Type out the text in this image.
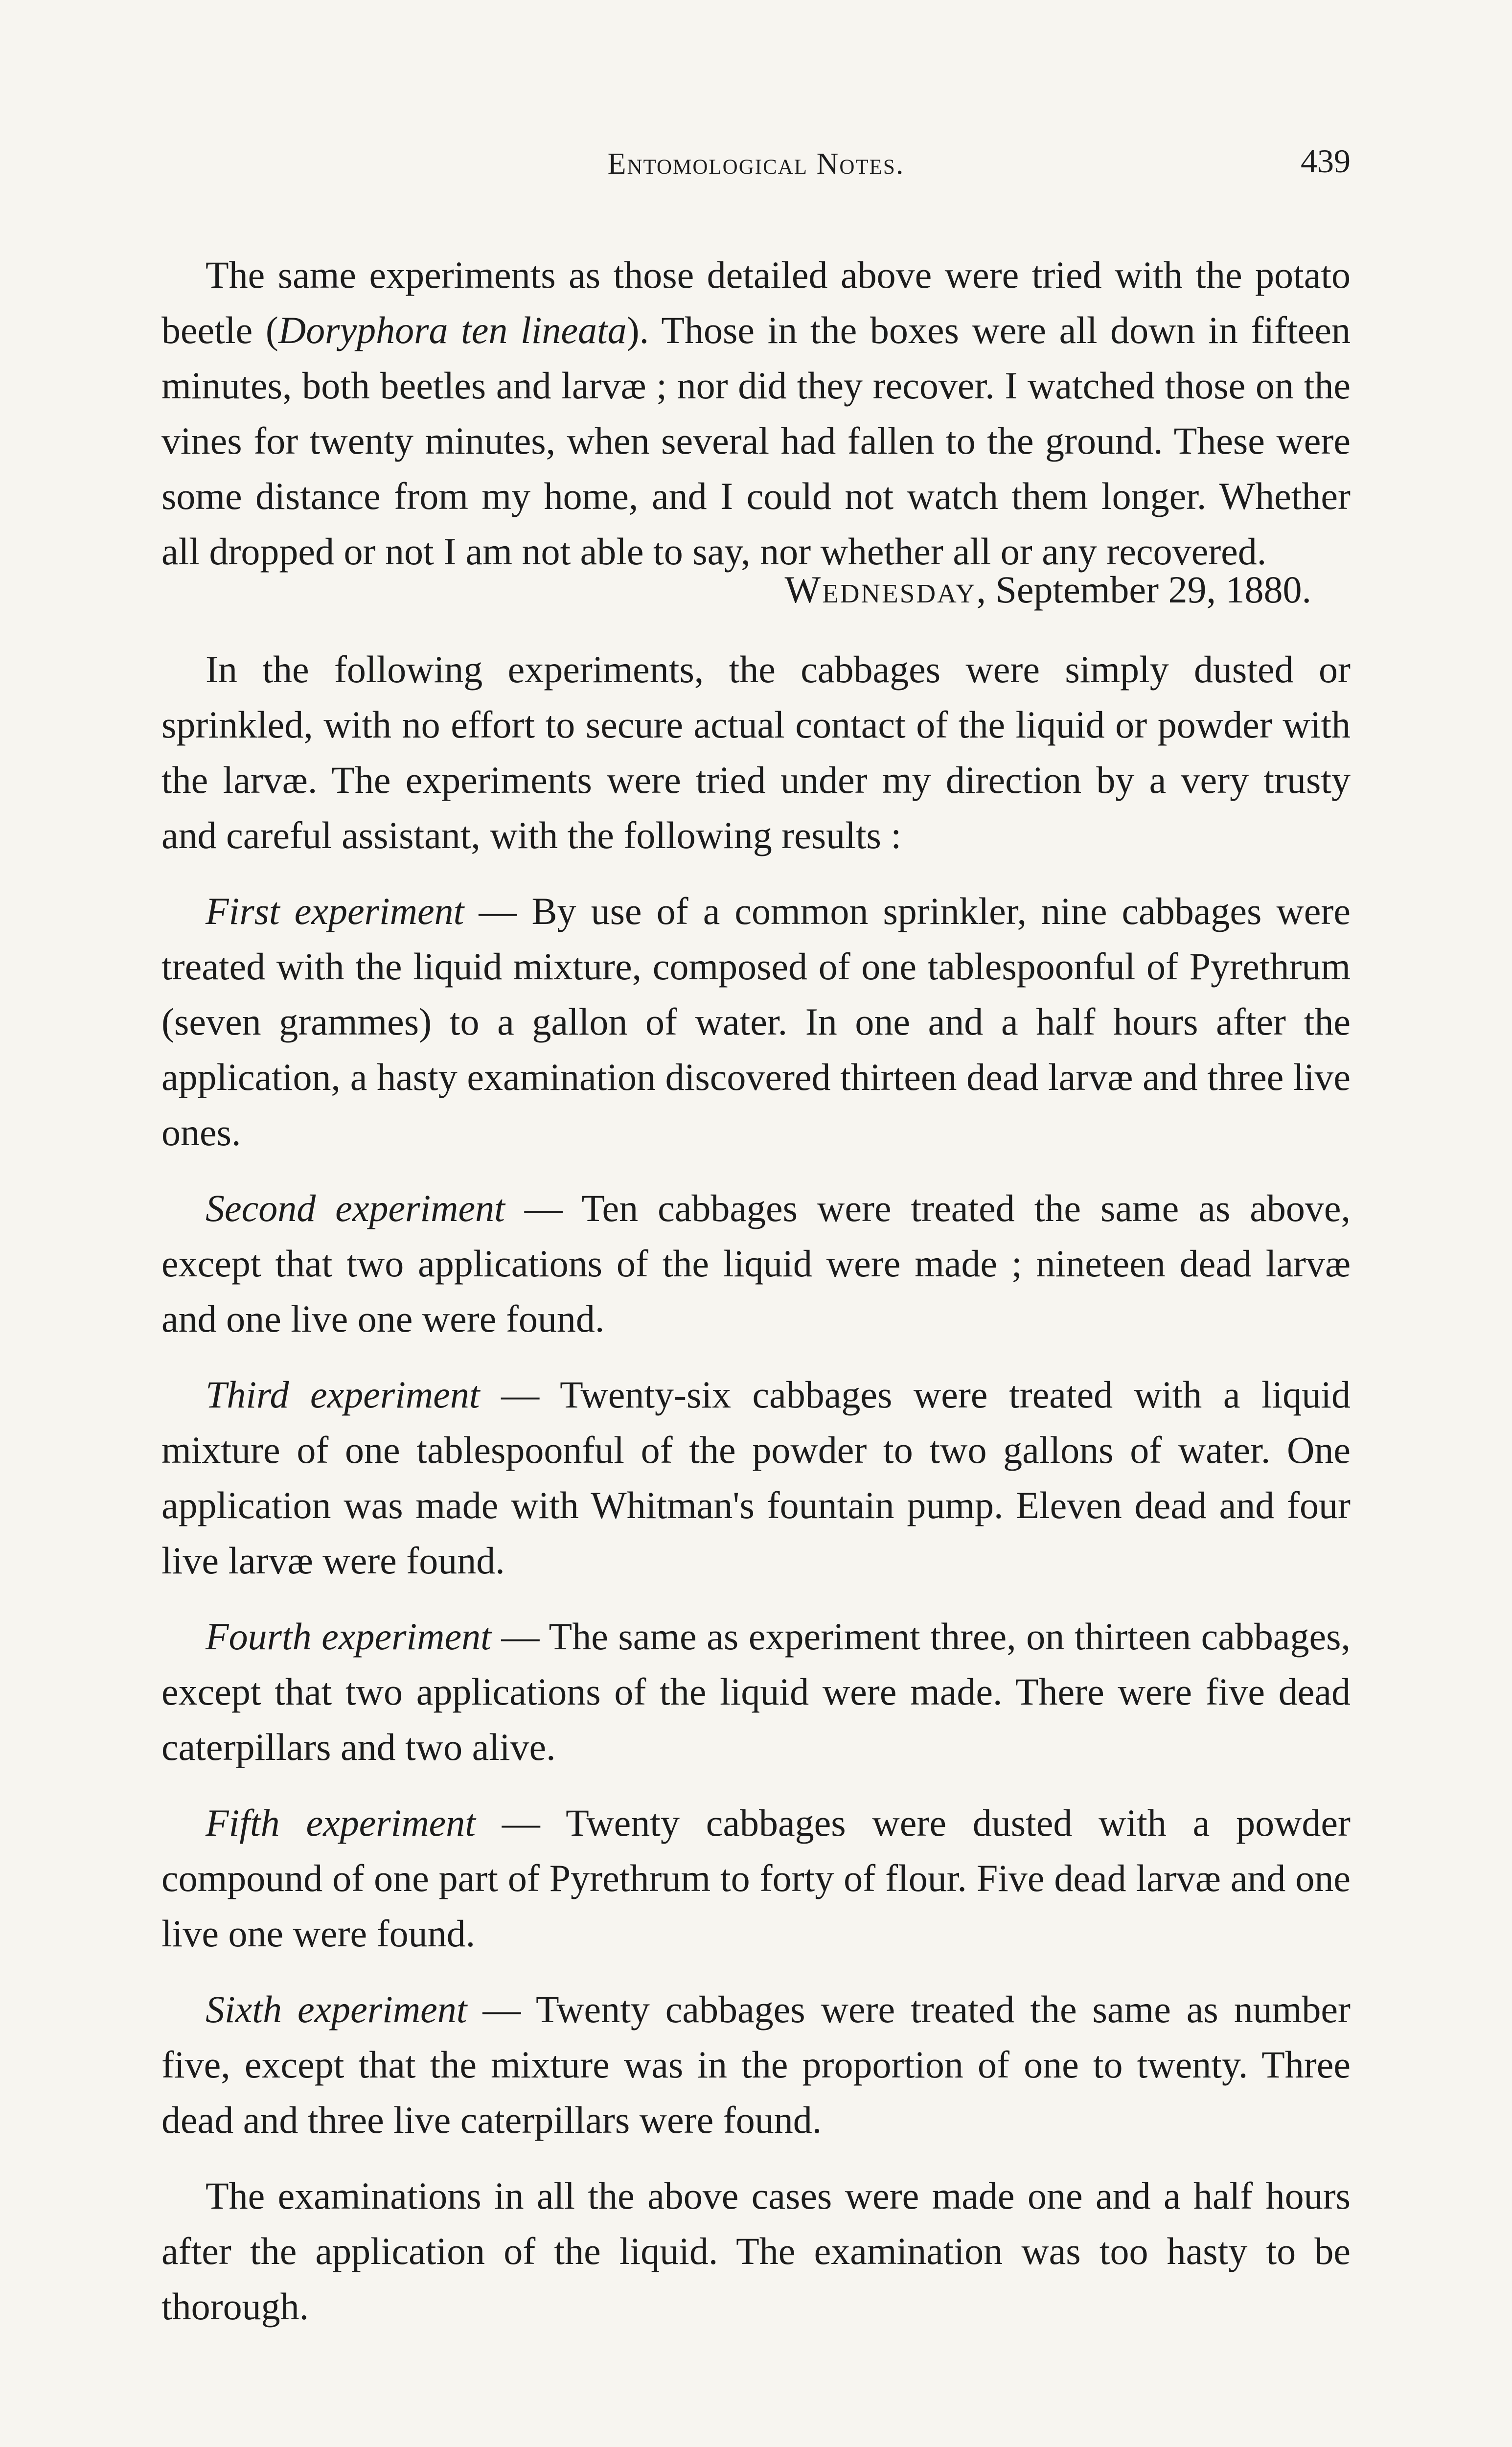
Entomological Notes.	439

The same experiments as those detailed above were tried with the potato beetle (Doryphora ten lineata). Those in the boxes were all down in fifteen minutes, both beetles and larvæ ; nor did they recover. I watched those on the vines for twenty minutes, when several had fallen to the ground. These were some distance from my home, and I could not watch them longer. Whether all dropped or not I am not able to say, nor whether all or any recovered.

Wednesday, September 29, 1880.

In the following experiments, the cabbages were simply dusted or sprinkled, with no effort to secure actual contact of the liquid or powder with the larvæ. The experiments were tried under my direction by a very trusty and careful assistant, with the following results :

First experiment — By use of a common sprinkler, nine cabbages were treated with the liquid mixture, composed of one tablespoonful of Pyrethrum (seven grammes) to a gallon of water. In one and a half hours after the application, a hasty examination discovered thirteen dead larvæ and three live ones.

Second experiment — Ten cabbages were treated the same as above, except that two applications of the liquid were made ; nineteen dead larvæ and one live one were found.

Third experiment — Twenty-six cabbages were treated with a liquid mixture of one tablespoonful of the powder to two gallons of water. One application was made with Whitman's fountain pump. Eleven dead and four live larvæ were found.

Fourth experiment — The same as experiment three, on thirteen cabbages, except that two applications of the liquid were made. There were five dead caterpillars and two alive.

Fifth experiment — Twenty cabbages were dusted with a powder compound of one part of Pyrethrum to forty of flour. Five dead larvæ and one live one were found.

Sixth experiment — Twenty cabbages were treated the same as number five, except that the mixture was in the proportion of one to twenty. Three dead and three live caterpillars were found.

The examinations in all the above cases were made one and a half hours after the application of the liquid. The examination was too hasty to be thorough.
